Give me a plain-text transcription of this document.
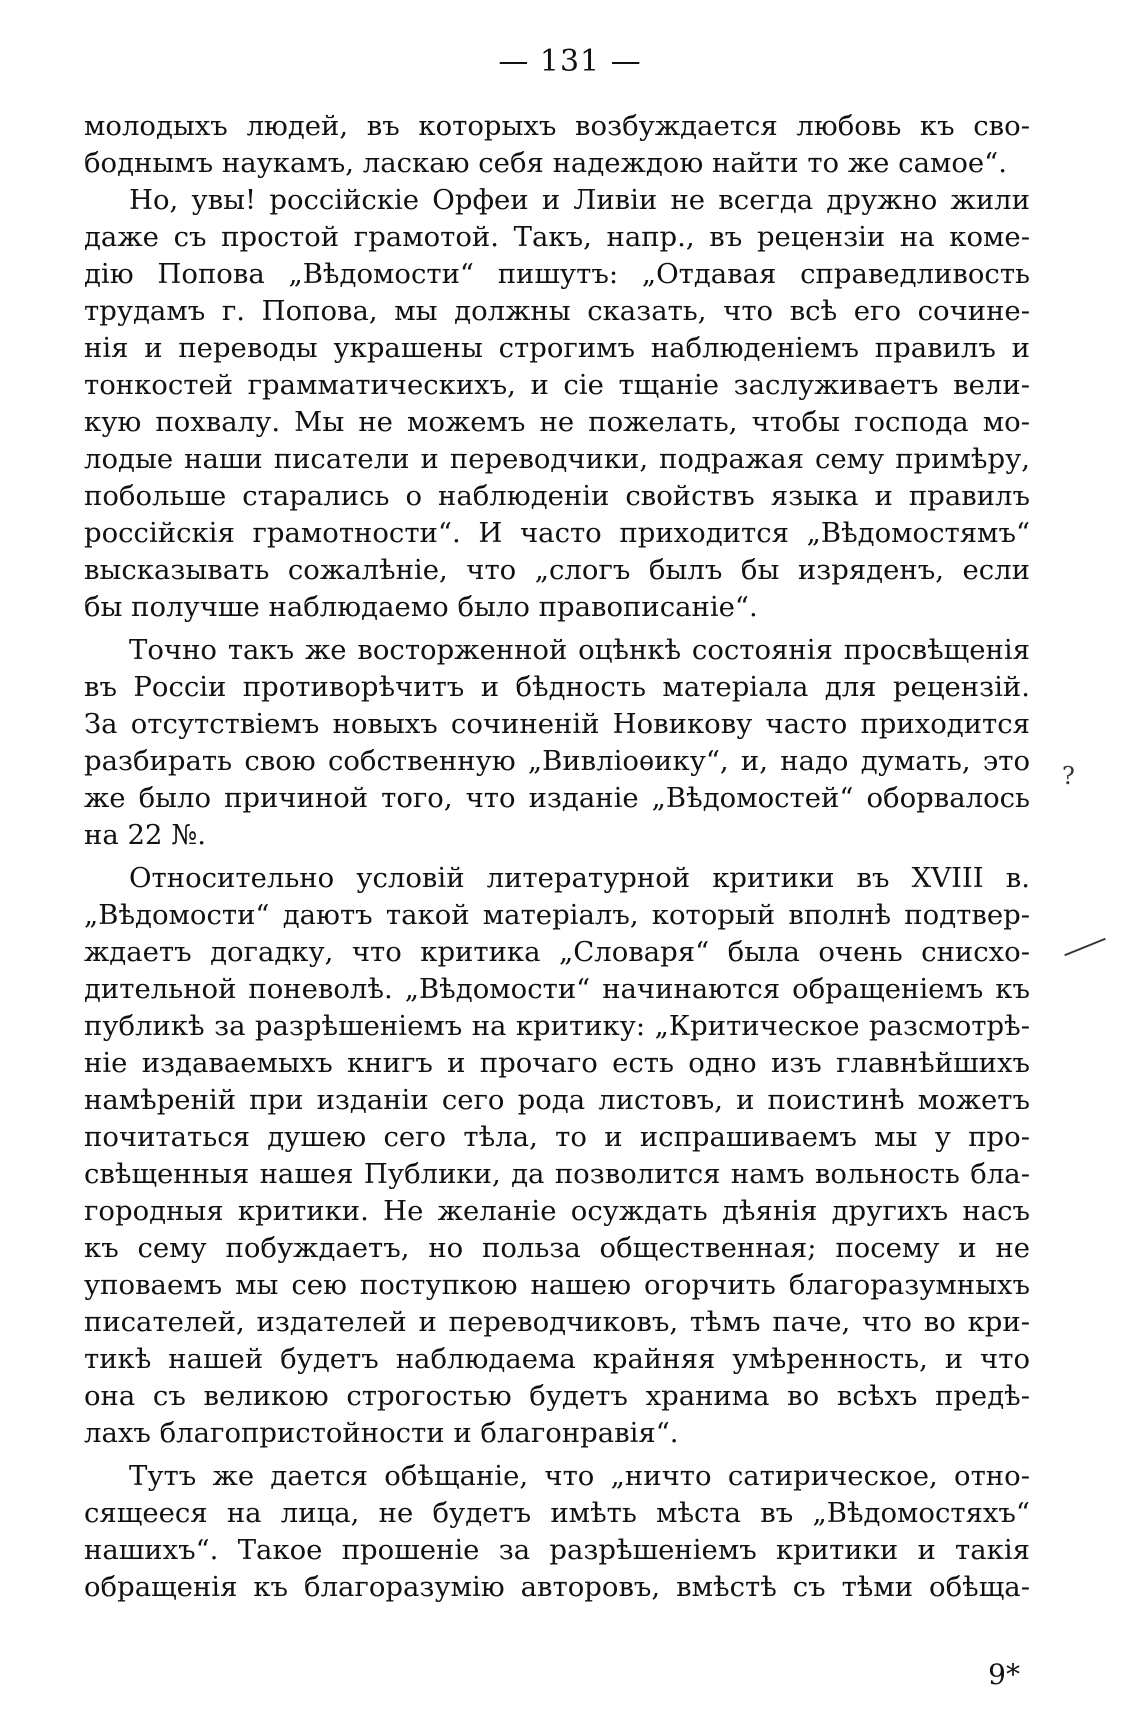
— 131 —
молодыхъ людей, въ которыхъ возбуждается любовь къ сво-
боднымъ наукамъ, ласкаю себя надеждою найти то же самое“.
Но, увы! россійскіе Орфеи и Ливіи не всегда дружно жили
даже съ простой грамотой. Такъ, напр., въ рецензіи на коме-
дію Попова „Вѣдомости“ пишутъ: „Отдавая справедливость
трудамъ г. Попова, мы должны сказать, что всѣ его сочине-
нія и переводы украшены строгимъ наблюденіемъ правилъ и
тонкостей грамматическихъ, и сіе тщаніе заслуживаетъ вели-
кую похвалу. Мы не можемъ не пожелать, чтобы господа мо-
лодые наши писатели и переводчики, подражая сему примѣру,
побольше старались о наблюденіи свойствъ языка и правилъ
россійскія грамотности“. И часто приходится „Вѣдомостямъ“
высказывать сожалѣніе, что „слогъ былъ бы изряденъ, если
бы получше наблюдаемо было правописаніе“.
Точно такъ же восторженной оцѣнкѣ состоянія просвѣщенія
въ Россіи противорѣчитъ и бѣдность матеріала для рецензій.
За отсутствіемъ новыхъ сочиненій Новикову часто приходится
разбирать свою собственную „Вивліоѳику“, и, надо думать, это
же было причиной того, что изданіе „Вѣдомостей“ оборвалось
на 22 №.
Относительно условій литературной критики въ XVIII в.
„Вѣдомости“ даютъ такой матеріалъ, который вполнѣ подтвер-
ждаетъ догадку, что критика „Словаря“ была очень снисхо-
дительной поневолѣ. „Вѣдомости“ начинаются обращеніемъ къ
публикѣ за разрѣшеніемъ на критику: „Критическое разсмотрѣ-
ніе издаваемыхъ книгъ и прочаго есть одно изъ главнѣйшихъ
намѣреній при изданіи сего рода листовъ, и поистинѣ можетъ
почитаться душею сего тѣла, то и испрашиваемъ мы у про-
свѣщенныя нашея Публики, да позволится намъ вольность бла-
городныя критики. Не желаніе осуждать дѣянія другихъ насъ
къ сему побуждаетъ, но польза общественная; посему и не
уповаемъ мы сею поступкою нашею огорчить благоразумныхъ
писателей, издателей и переводчиковъ, тѣмъ паче, что во кри-
тикѣ нашей будетъ наблюдаема крайняя умѣренность, и что
она съ великою строгостью будетъ хранима во всѣхъ предѣ-
лахъ благопристойности и благонравія“.
Тутъ же дается обѣщаніе, что „ничто сатирическое, отно-
сящееся на лица, не будетъ имѣть мѣста въ „Вѣдомостяхъ“
нашихъ“. Такое прошеніе за разрѣшеніемъ критики и такія
обращенія къ благоразумію авторовъ, вмѣстѣ съ тѣми обѣща-
?
9*
